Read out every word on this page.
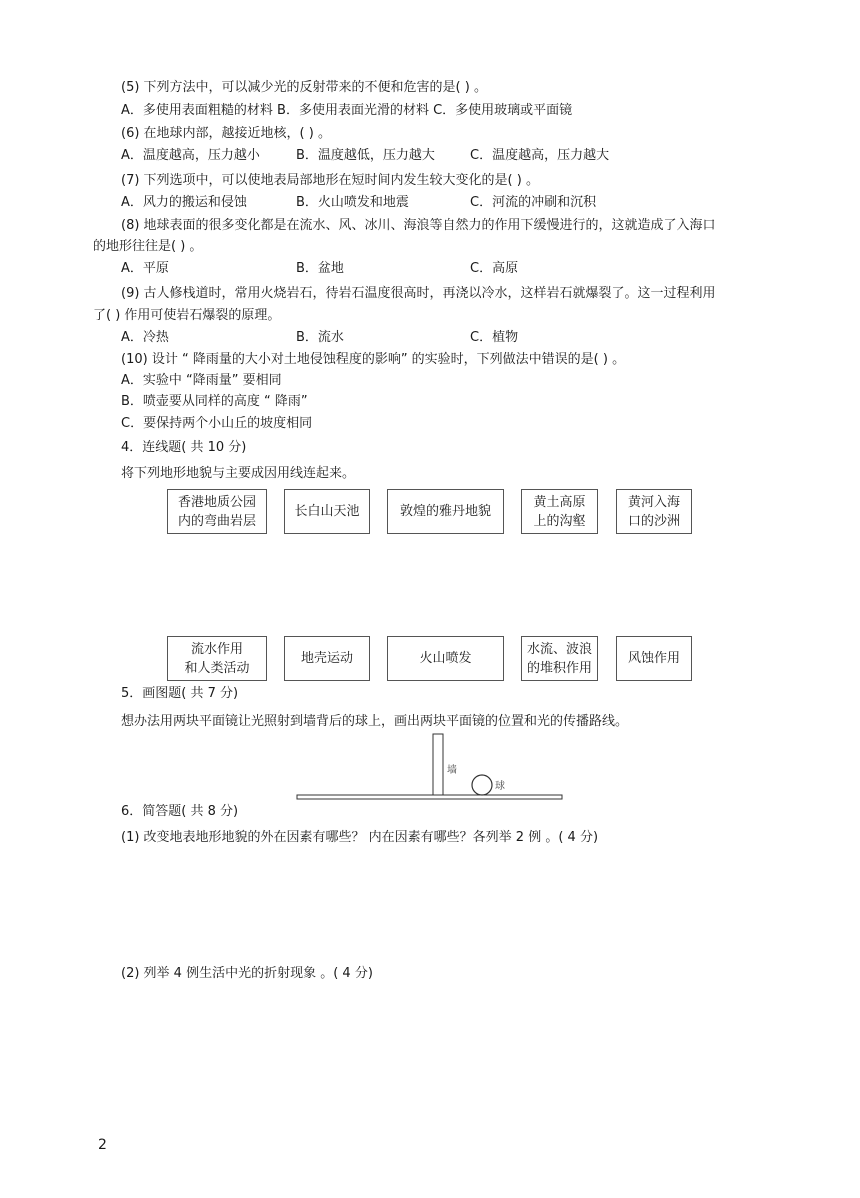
(5) 下列方法中，可以减少光的反射带来的不便和危害的是( ) 。
A．多使用表面粗糙的材料 B．多使用表面光滑的材料 C．多使用玻璃或平面镜
(6) 在地球内部，越接近地核，( ) 。
A．温度越高，压力越小	B．温度越低，压力越大	C．温度越高，压力越大
(7) 下列选项中，可以使地表局部地形在短时间内发生较大变化的是( ) 。
A．风力的搬运和侵蚀	B．火山喷发和地震	C．河流的冲刷和沉积
(8) 地球表面的很多变化都是在流水、风、冰川、海浪等自然力的作用下缓慢进行的，这就造成了入海口
的地形往往是( ) 。
A．平原	B．盆地	C．高原
(9) 古人修栈道时，常用火烧岩石，待岩石温度很高时，再浇以冷水，这样岩石就爆裂了。这一过程利用
了( ) 作用可使岩石爆裂的原理。
A．冷热	B．流水	C．植物
(10) 设计 “ 降雨量的大小对土地侵蚀程度的影响” 的实验时，下列做法中错误的是( ) 。
A．实验中 “降雨量” 要相同
B．喷壶要从同样的高度 “ 降雨”
C．要保持两个小山丘的坡度相同
4．连线题( 共 10 分)
将下列地形地貌与主要成因用线连起来。
香港地质公园
内的弯曲岩层
长白山天池	敦煌的雅丹地貌
黄土高原
上的沟壑
黄河入海
口的沙洲
流水作用
和人类活动
地壳运动	火山喷发
水流、波浪
的堆积作用
风蚀作用
5．画图题( 共 7 分)
想办法用两块平面镜让光照射到墙背后的球上，画出两块平面镜的位置和光的传播路线。
墙
球
6．简答题( 共 8 分)
(1) 改变地表地形地貌的外在因素有哪些？ 内在因素有哪些？各列举 2 例 。( 4 分)
(2) 列举 4 例生活中光的折射现象 。( 4 分)
2
